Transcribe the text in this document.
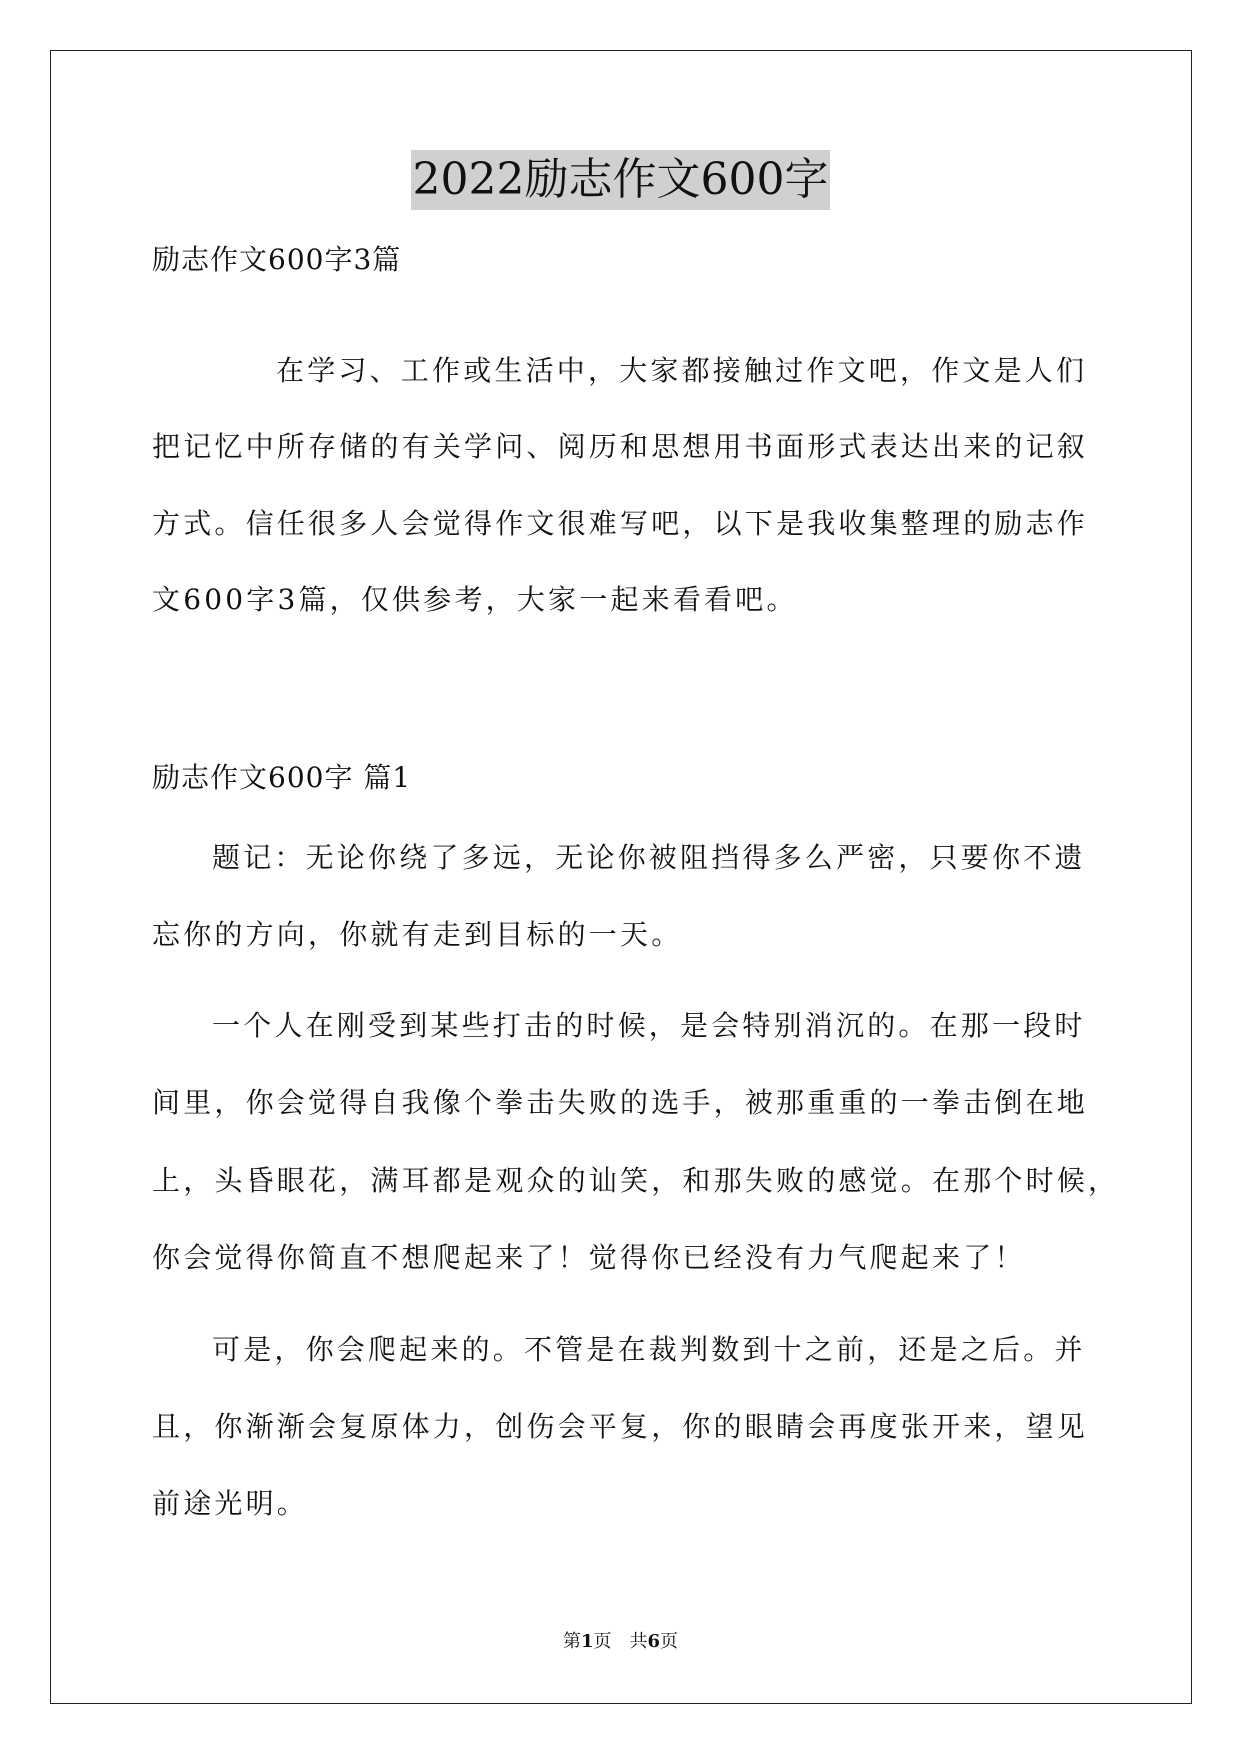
2022励志作文600字
励志作文600字3篇
在学习、工作或生活中，大家都接触过作文吧，作文是人们
把记忆中所存储的有关学问、阅历和思想用书面形式表达出来的记叙
方式。信任很多人会觉得作文很难写吧，以下是我收集整理的励志作
文600字3篇，仅供参考，大家一起来看看吧。
励志作文600字 篇1
题记：无论你绕了多远，无论你被阻挡得多么严密，只要你不遗
忘你的方向，你就有走到目标的一天。
一个人在刚受到某些打击的时候，是会特别消沉的。在那一段时
间里，你会觉得自我像个拳击失败的选手，被那重重的一拳击倒在地
上，头昏眼花，满耳都是观众的讪笑，和那失败的感觉。在那个时候，
你会觉得你简直不想爬起来了！觉得你已经没有力气爬起来了！
可是，你会爬起来的。不管是在裁判数到十之前，还是之后。并
且，你渐渐会复原体力，创伤会平复，你的眼睛会再度张开来，望见
前途光明。
第1页　共6页
